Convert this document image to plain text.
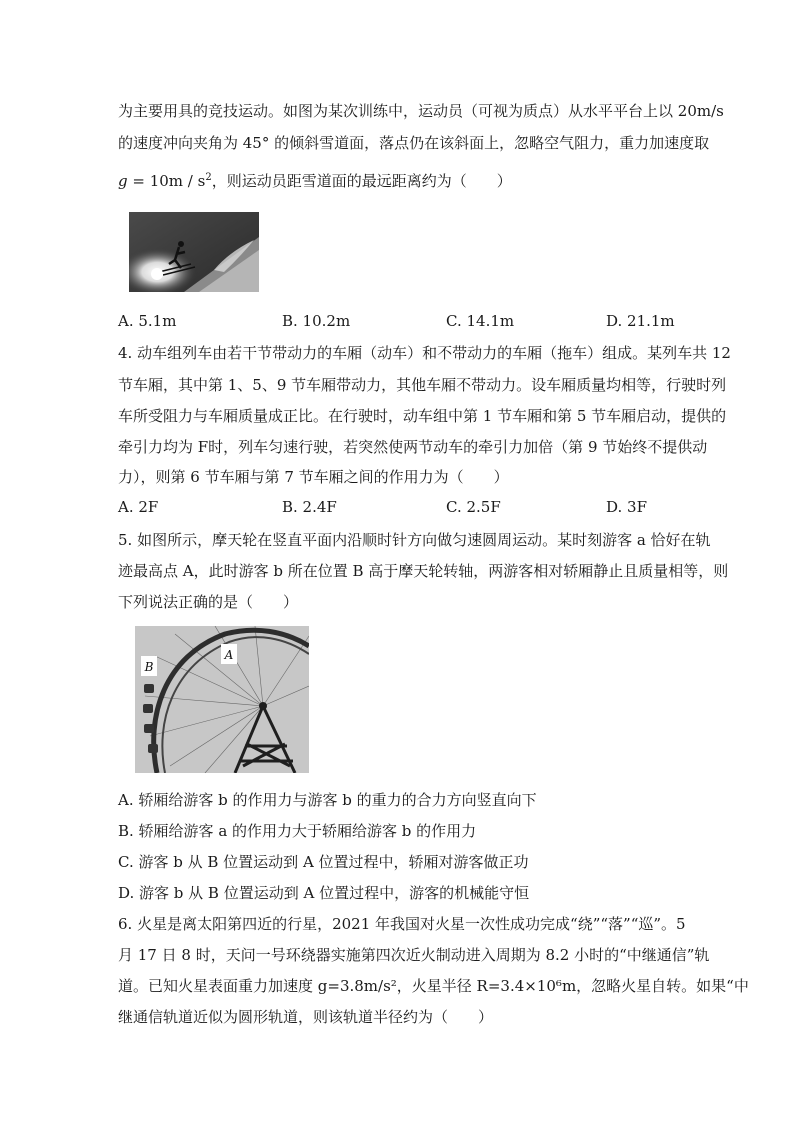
为主要用具的竞技运动。如图为某次训练中，运动员（可视为质点）从水平平台上以 20m/s
的速度冲向夹角为 45° 的倾斜雪道面，落点仍在该斜面上，忽略空气阻力，重力加速度取
$g = 10m / s^2$，则运动员距雪道面的最远距离约为（　　）
A. 5.1m	B. 10.2m	C. 14.1m	D. 21.1m
4. 动车组列车由若干节带动力的车厢（动车）和不带动力的车厢（拖车）组成。某列车共 12
节车厢，其中第 1、5、9 节车厢带动力，其他车厢不带动力。设车厢质量均相等，行驶时列
车所受阻力与车厢质量成正比。在行驶时，动车组中第 1 节车厢和第 5 节车厢启动，提供的
牵引力均为 F时，列车匀速行驶，若突然使两节动车的牵引力加倍（第 9 节始终不提供动
力），则第 6 节车厢与第 7 节车厢之间的作用力为（　　）
A. 2F	B. 2.4F	C. 2.5F	D. 3F
5. 如图所示，摩天轮在竖直平面内沿顺时针方向做匀速圆周运动。某时刻游客 a 恰好在轨
迹最高点 A，此时游客 b 所在位置 B 高于摩天轮转轴，两游客相对轿厢静止且质量相等，则
下列说法正确的是（　　）
A
B
A. 轿厢给游客 b 的作用力与游客 b 的重力的合力方向竖直向下
B. 轿厢给游客 a 的作用力大于轿厢给游客 b 的作用力
C. 游客 b 从 B 位置运动到 A 位置过程中，轿厢对游客做正功
D. 游客 b 从 B 位置运动到 A 位置过程中，游客的机械能守恒
6. 火星是离太阳第四近的行星，2021 年我国对火星一次性成功完成“绕”“落”“巡”。5
月 17 日 8 时，天问一号环绕器实施第四次近火制动进入周期为 8.2 小时的“中继通信”轨
道。已知火星表面重力加速度 g=3.8m/s²，火星半径 R=3.4×10⁶m，忽略火星自转。如果“中
继通信轨道近似为圆形轨道，则该轨道半径约为（　　）
